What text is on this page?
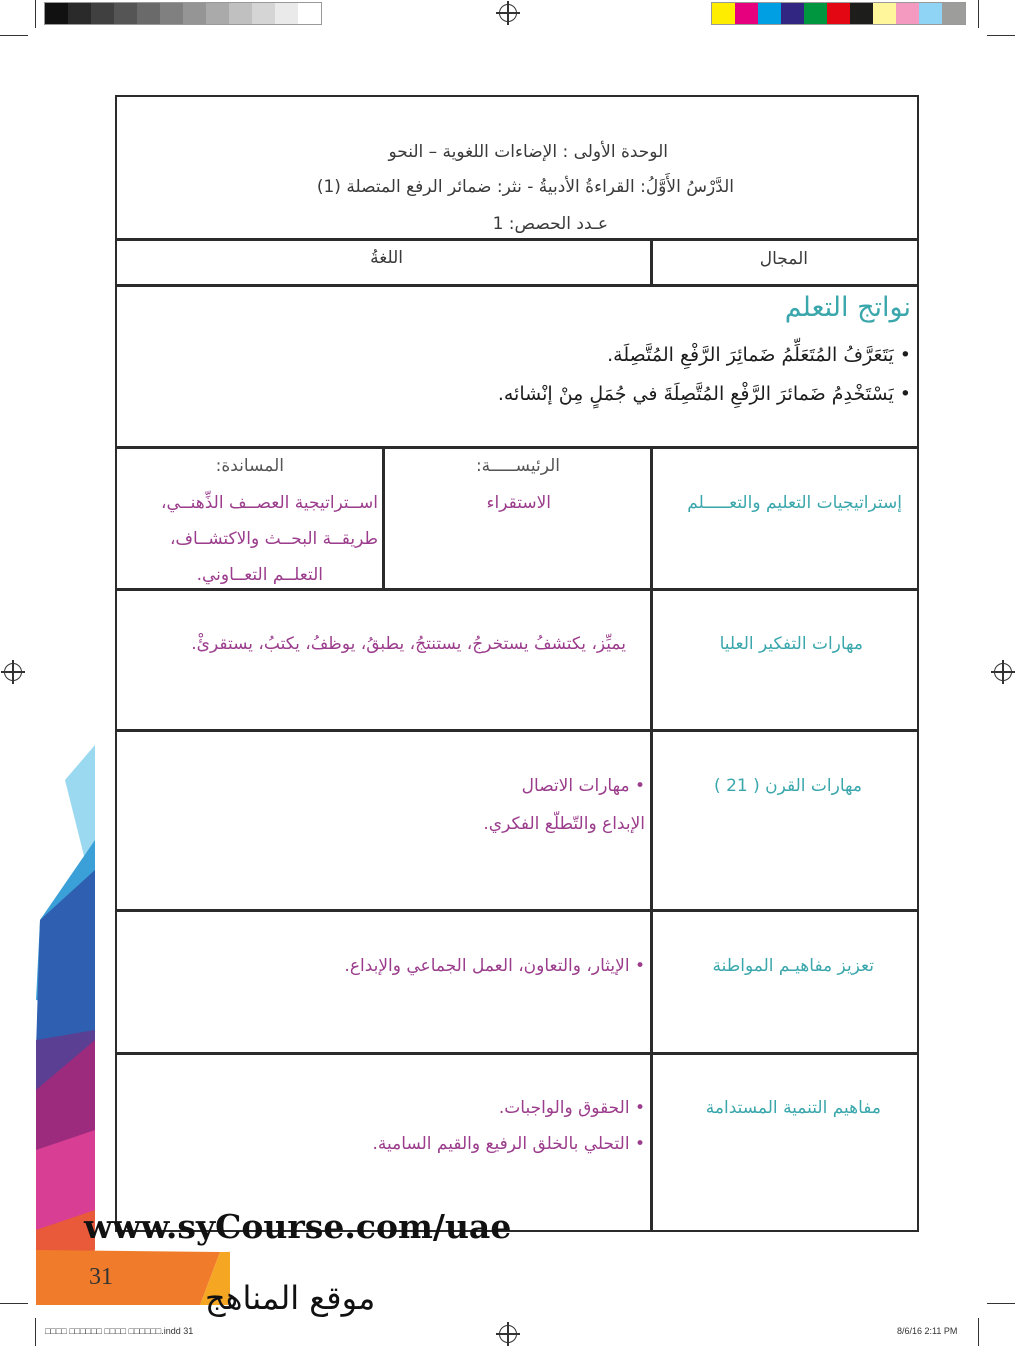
الوحدة الأولى : الإضاءات اللغوية – النحو
الدَّرْسُ الأَوَّلُ: القراءةُ الأدبيةُ - نثر: ضمائر الرفع المتصلة (1)
عـدد الحصص: 1
المجال
اللغةُ
نواتج التعلم
• يَتَعَرَّفُ المُتَعَلِّمُ ضَمائِرَ الرَّفْعِ المُتَّصِلَة.
• يَسْتَخْدِمُ ضَمائرَ الرَّفْعِ المُتَّصِلَةَ في جُمَلٍ مِنْ إنْشائه.
إستراتيجيات التعليم والتعـــــلم
الرئيســـــة:
الاستقراء
المساندة:
اســتراتيجية العصــف الذِّهنــي،
طريقــة البحــث والاكتشــاف،
التعلــم التعــاوني.
مهارات التفكير العليا
يميِّز، يكتشفُ يستخرجُ، يستنتجُ، يطبقُ، يوظفُ، يكتبُ، يستقرئْ.
مهارات القرن ( 21 )
• مهارات الاتصال
الإبداع والتّطلّع الفكري.
تعزيز مفاهيـم المواطنة
• الإيثار، والتعاون، العمل الجماعي والإبداع.
مفاهيم التنمية المستدامة
• الحقوق والواجبات.
• التحلي بالخلق الرفيع والقيم السامية.
www.syCourse.com/uae
31
موقع المناهج
□□□□ □□□□□□ □□□□ □□□□□□.indd 31	8/6/16 2:11 PM
